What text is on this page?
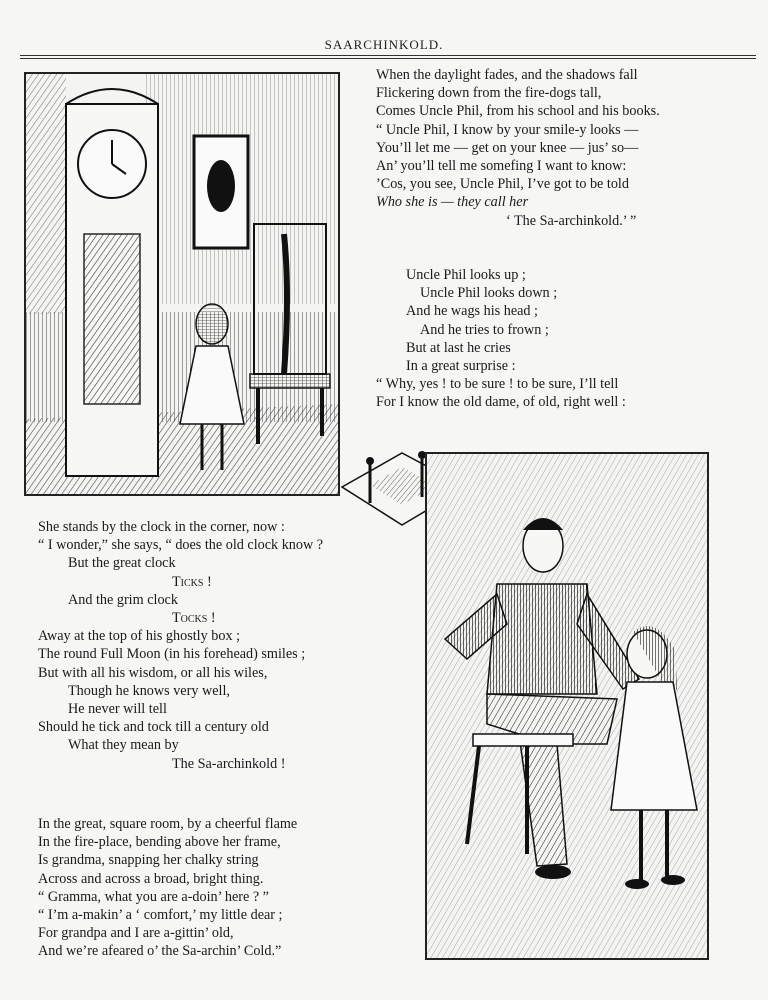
SAARCHINKOLD.
When the daylight fades, and the shadows fall
Flickering down from the fire-dogs tall,
Comes Uncle Phil, from his school and his books.
“ Uncle Phil, I know by your smile-y looks —
You’ll let me — get on your knee — jus’ so—
An’ you’ll tell me somefing I want to know:
’Cos, you see, Uncle Phil, I’ve got to be told
Who she is — they call her
‘ The Sa-archinkold.’ ”
Uncle Phil looks up ;
Uncle Phil looks down ;
And he wags his head ;
And he tries to frown ;
But at last he cries
In a great surprise :
“ Why, yes ! to be sure ! to be sure, I’ll tell
For I know the old dame, of old, right well :
She stands by the clock in the corner, now :
“ I wonder,” she says, “ does the old clock know ?
But the great clock
Ticks !
And the grim clock
Tocks !
Away at the top of his ghostly box ;
The round Full Moon (in his forehead) smiles ;
But with all his wisdom, or all his wiles,
Though he knows very well,
He never will tell
Should he tick and tock till a century old
What they mean by
The Sa-archinkold !
In the great, square room, by a cheerful flame
In the fire-place, bending above her frame,
Is grandma, snapping her chalky string
Across and across a broad, bright thing.
“ Gramma, what you are a-doin’ here ? ”
“ I’m a-makin’ a ‘ comfort,’ my little dear ;
For grandpa and I are a-gittin’ old,
And we’re afeared o’ the Sa-archin’ Cold.”
